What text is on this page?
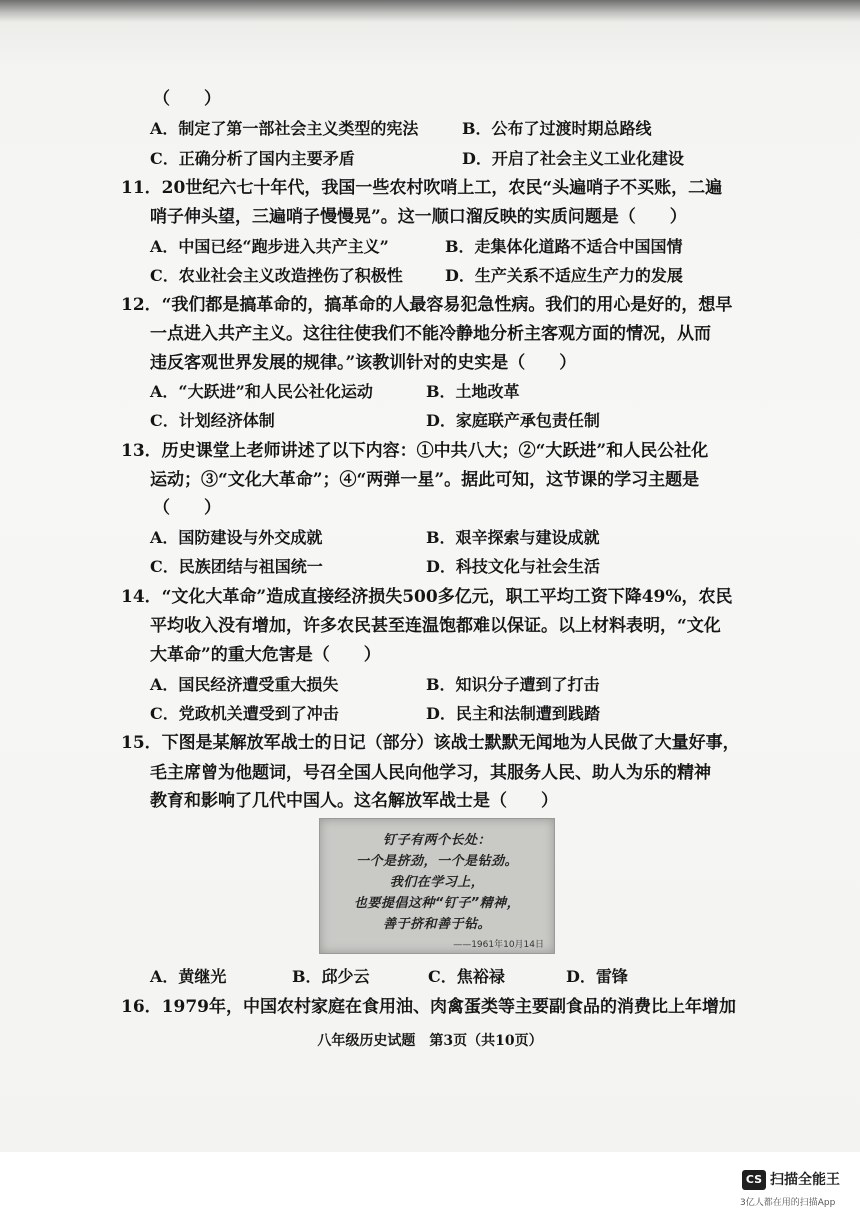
（　　）
A．制定了第一部社会主义类型的宪法	B．公布了过渡时期总路线
C．正确分析了国内主要矛盾	D．开启了社会主义工业化建设
11．20世纪六七十年代，我国一些农村吹哨上工，农民“头遍哨子不买账，二遍
哨子伸头望，三遍哨子慢慢晃”。这一顺口溜反映的实质问题是（　　）
A．中国已经“跑步进入共产主义”	B．走集体化道路不适合中国国情
C．农业社会主义改造挫伤了积极性	D．生产关系不适应生产力的发展
12．“我们都是搞革命的，搞革命的人最容易犯急性病。我们的用心是好的，想早
一点进入共产主义。这往往使我们不能冷静地分析主客观方面的情况，从而
违反客观世界发展的规律。”该教训针对的史实是（　　）
A．“大跃进”和人民公社化运动	B．土地改革
C．计划经济体制	D．家庭联产承包责任制
13．历史课堂上老师讲述了以下内容：①中共八大；②“大跃进”和人民公社化
运动；③“文化大革命”；④“两弹一星”。据此可知，这节课的学习主题是
（　　）
A．国防建设与外交成就	B．艰辛探索与建设成就
C．民族团结与祖国统一	D．科技文化与社会生活
14．“文化大革命”造成直接经济损失500多亿元，职工平均工资下降49%，农民
平均收入没有增加，许多农民甚至连温饱都难以保证。以上材料表明，“文化
大革命”的重大危害是（　　）
A．国民经济遭受重大损失	B．知识分子遭到了打击
C．党政机关遭受到了冲击	D．民主和法制遭到践踏
15．下图是某解放军战士的日记（部分）该战士默默无闻地为人民做了大量好事，
毛主席曾为他题词，号召全国人民向他学习，其服务人民、助人为乐的精神
教育和影响了几代中国人。这名解放军战士是（　　）
钉子有两个长处：
一个是挤劲，一个是钻劲。
我们在学习上，
也要提倡这种“钉子”精神，
善于挤和善于钻。
——1961年10月14日
A．黄继光	B．邱少云	C．焦裕禄	D．雷锋
16．1979年，中国农村家庭在食用油、肉禽蛋类等主要副食品的消费比上年增加
八年级历史试题　第3页（共10页）
CS 扫描全能王
3亿人都在用的扫描App
